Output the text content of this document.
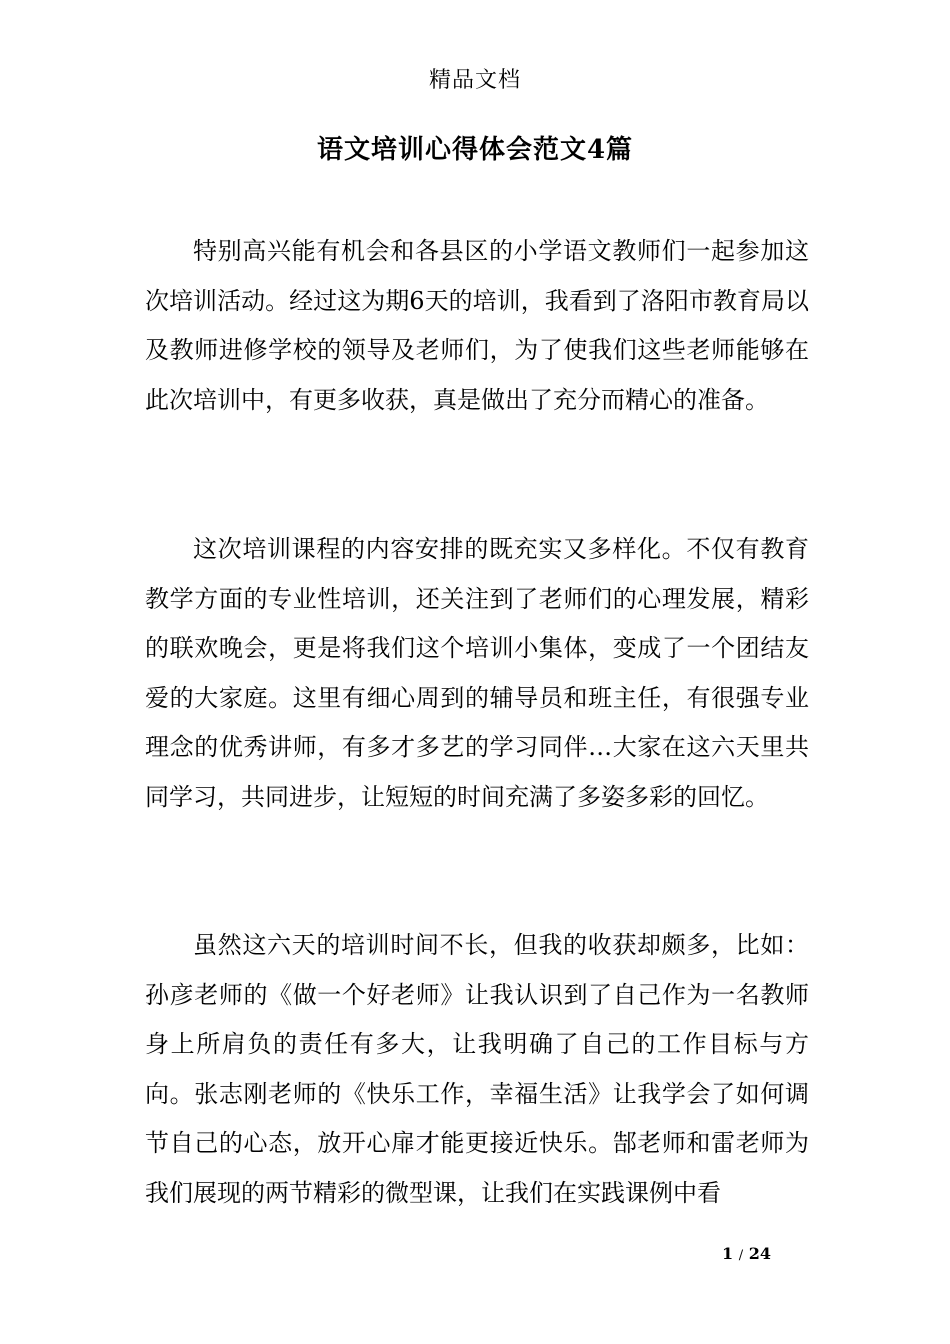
精品文档
语文培训心得体会范文4篇

特别高兴能有机会和各县区的小学语文教师们一起参加这次培训活动。经过这为期6天的培训，我看到了洛阳市教育局以及教师进修学校的领导及老师们，为了使我们这些老师能够在此次培训中，有更多收获，真是做出了充分而精心的准备。

这次培训课程的内容安排的既充实又多样化。不仅有教育教学方面的专业性培训，还关注到了老师们的心理发展，精彩的联欢晚会，更是将我们这个培训小集体，变成了一个团结友爱的大家庭。这里有细心周到的辅导员和班主任，有很强专业理念的优秀讲师，有多才多艺的学习同伴…大家在这六天里共同学习，共同进步，让短短的时间充满了多姿多彩的回忆。

虽然这六天的培训时间不长，但我的收获却颇多，比如：孙彦老师的《做一个好老师》让我认识到了自己作为一名教师身上所肩负的责任有多大，让我明确了自己的工作目标与方向。张志刚老师的《快乐工作，幸福生活》让我学会了如何调节自己的心态，放开心扉才能更接近快乐。郜老师和雷老师为我们展现的两节精彩的微型课，让我们在实践课例中看

1 / 24
